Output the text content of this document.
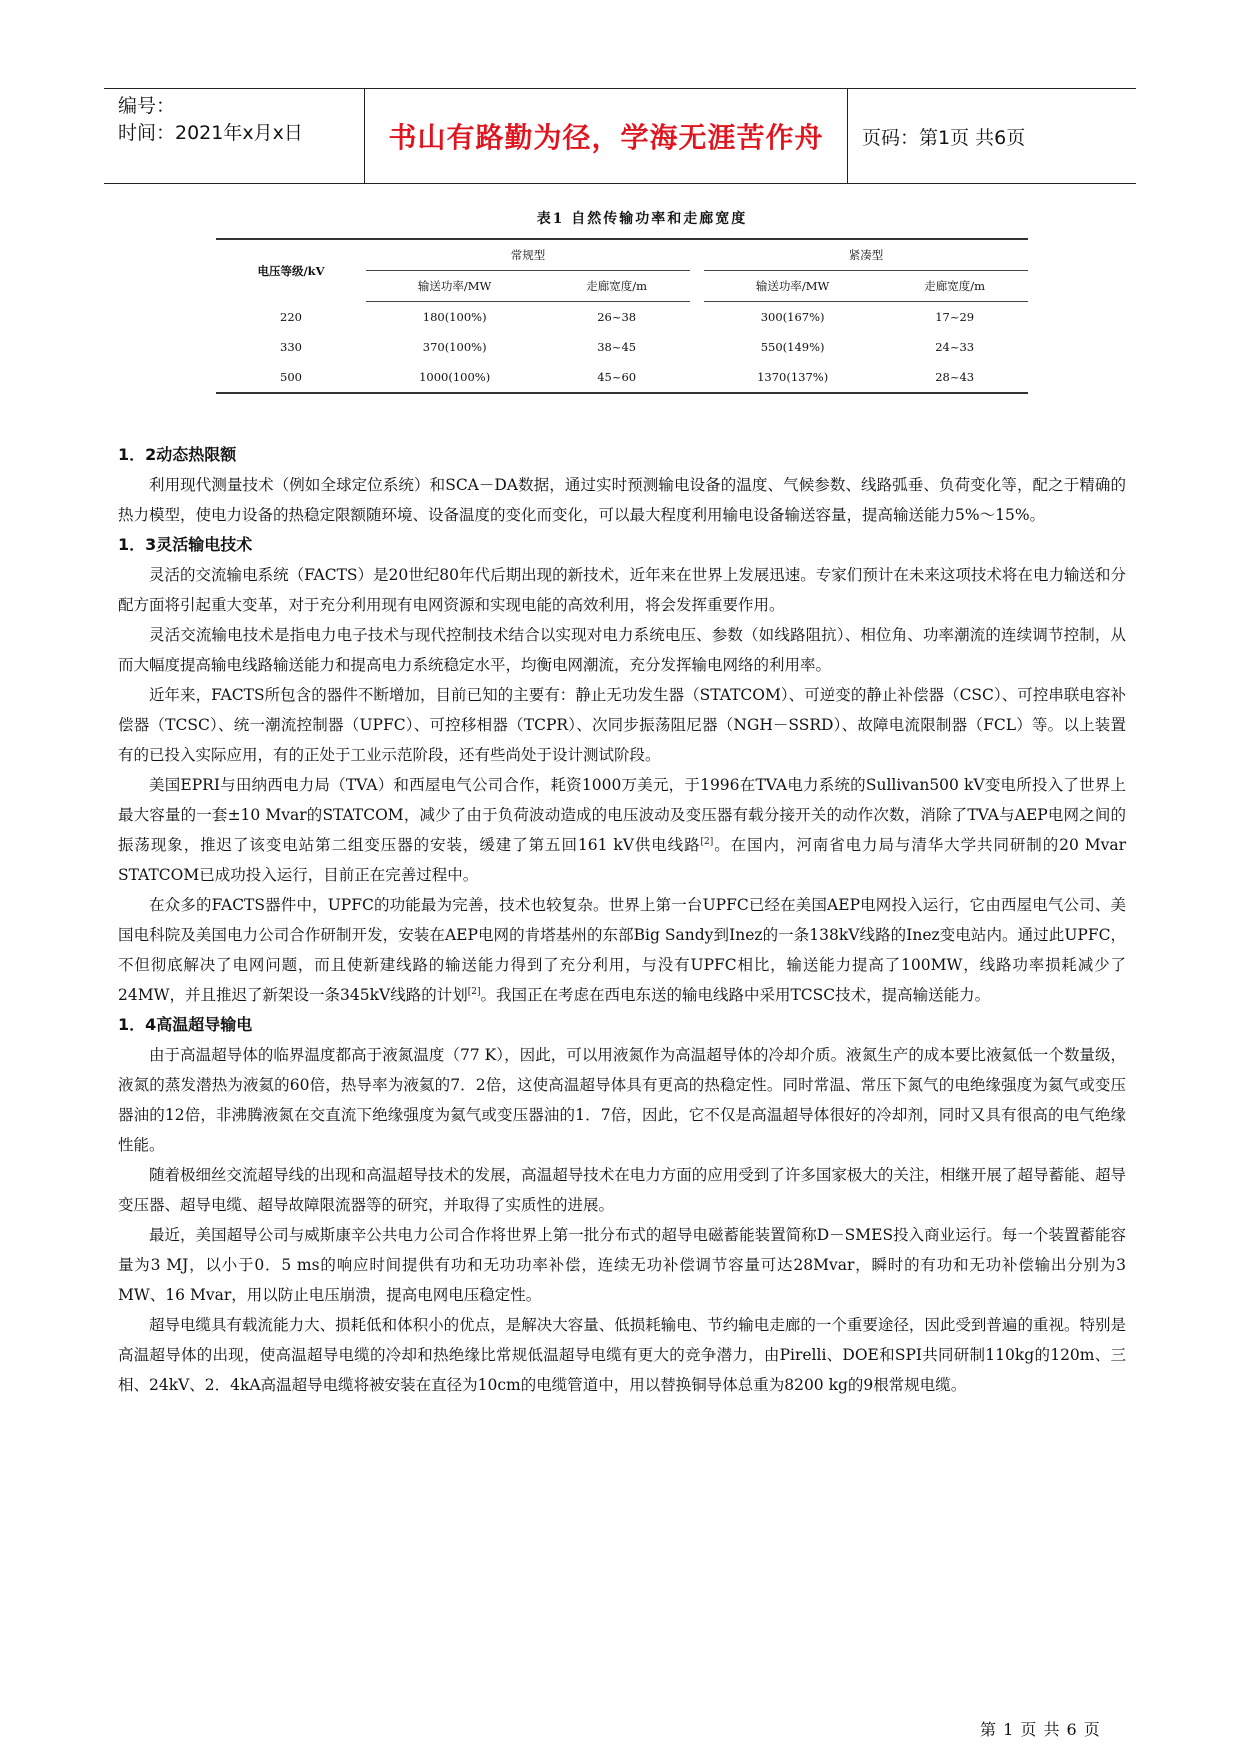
编号：
时间：2021年x月x日	书山有路勤为径，学海无涯苦作舟	页码：第1页 共6页
表1 自然传输功率和走廊宽度
电压等级/kV	常规型			紧凑型	
	输送功率/MW	走廊宽度/m		输送功率/MW	走廊宽度/m
220	180(100%)	26~38		300(167%)	17~29
330	370(100%)	38~45		550(149%)	24~33
500	1000(100%)	45~60		1370(137%)	28~43
1．2动态热限额

利用现代测量技术（例如全球定位系统）和SCA－DA数据，通过实时预测输电设备的温度、气候参数、线路弧垂、负荷变化等，配之于精确的热力模型，使电力设备的热稳定限额随环境、设备温度的变化而变化，可以最大程度利用输电设备输送容量，提高输送能力5%～15%。

1．3灵活输电技术

灵活的交流输电系统（FACTS）是20世纪80年代后期出现的新技术，近年来在世界上发展迅速。专家们预计在未来这项技术将在电力输送和分配方面将引起重大变革，对于充分利用现有电网资源和实现电能的高效利用，将会发挥重要作用。

灵活交流输电技术是指电力电子技术与现代控制技术结合以实现对电力系统电压、参数（如线路阻抗）、相位角、功率潮流的连续调节控制，从而大幅度提高输电线路输送能力和提高电力系统稳定水平，均衡电网潮流，充分发挥输电网络的利用率。

近年来，FACTS所包含的器件不断增加，目前已知的主要有：静止无功发生器（STATCOM）、可逆变的静止补偿器（CSC）、可控串联电容补偿器（TCSC）、统一潮流控制器（UPFC）、可控移相器（TCPR）、次同步振荡阻尼器（NGH－SSRD）、故障电流限制器（FCL）等。以上装置有的已投入实际应用，有的正处于工业示范阶段，还有些尚处于设计测试阶段。

美国EPRI与田纳西电力局（TVA）和西屋电气公司合作，耗资1000万美元，于1996在TVA电力系统的Sullivan500 kV变电所投入了世界上最大容量的一套±10 Mvar的STATCOM，减少了由于负荷波动造成的电压波动及变压器有载分接开关的动作次数，消除了TVA与AEP电网之间的振荡现象，推迟了该变电站第二组变压器的安装，缓建了第五回161 kV供电线路[2]。在国内，河南省电力局与清华大学共同研制的20 Mvar STATCOM已成功投入运行，目前正在完善过程中。

在众多的FACTS器件中，UPFC的功能最为完善，技术也较复杂。世界上第一台UPFC已经在美国AEP电网投入运行，它由西屋电气公司、美国电科院及美国电力公司合作研制开发，安装在AEP电网的肯塔基州的东部Big Sandy到Inez的一条138kV线路的Inez变电站内。通过此UPFC，不但彻底解决了电网问题，而且使新建线路的输送能力得到了充分利用，与没有UPFC相比，输送能力提高了100MW，线路功率损耗减少了24MW，并且推迟了新架设一条345kV线路的计划[2]。我国正在考虑在西电东送的输电线路中采用TCSC技术，提高输送能力。

1．4高温超导输电

由于高温超导体的临界温度都高于液氮温度（77 K），因此，可以用液氮作为高温超导体的冷却介质。液氮生产的成本要比液氦低一个数量级，液氮的蒸发潜热为液氦的60倍，热导率为液氦的7．2倍，这使高温超导体具有更高的热稳定性。同时常温、常压下氮气的电绝缘强度为氦气或变压器油的12倍，非沸腾液氮在交直流下绝缘强度为氦气或变压器油的1．7倍，因此，它不仅是高温超导体很好的冷却剂，同时又具有很高的电气绝缘性能。

随着极细丝交流超导线的出现和高温超导技术的发展，高温超导技术在电力方面的应用受到了许多国家极大的关注，相继开展了超导蓄能、超导变压器、超导电缆、超导故障限流器等的研究，并取得了实质性的进展。

最近，美国超导公司与威斯康辛公共电力公司合作将世界上第一批分布式的超导电磁蓄能装置简称D－SMES投入商业运行。每一个装置蓄能容量为3 MJ，以小于0．5 ms的响应时间提供有功和无功功率补偿，连续无功补偿调节容量可达28Mvar，瞬时的有功和无功补偿输出分别为3 MW、16 Mvar，用以防止电压崩溃，提高电网电压稳定性。

超导电缆具有载流能力大、损耗低和体积小的优点，是解决大容量、低损耗输电、节约输电走廊的一个重要途径，因此受到普遍的重视。特别是高温超导体的出现，使高温超导电缆的冷却和热绝缘比常规低温超导电缆有更大的竞争潜力，由Pirelli、DOE和SPI共同研制110kg的120m、三相、24kV、2．4kA高温超导电缆将被安装在直径为10cm的电缆管道中，用以替换铜导体总重为8200 kg的9根常规电缆。

第 1 页 共 6 页
